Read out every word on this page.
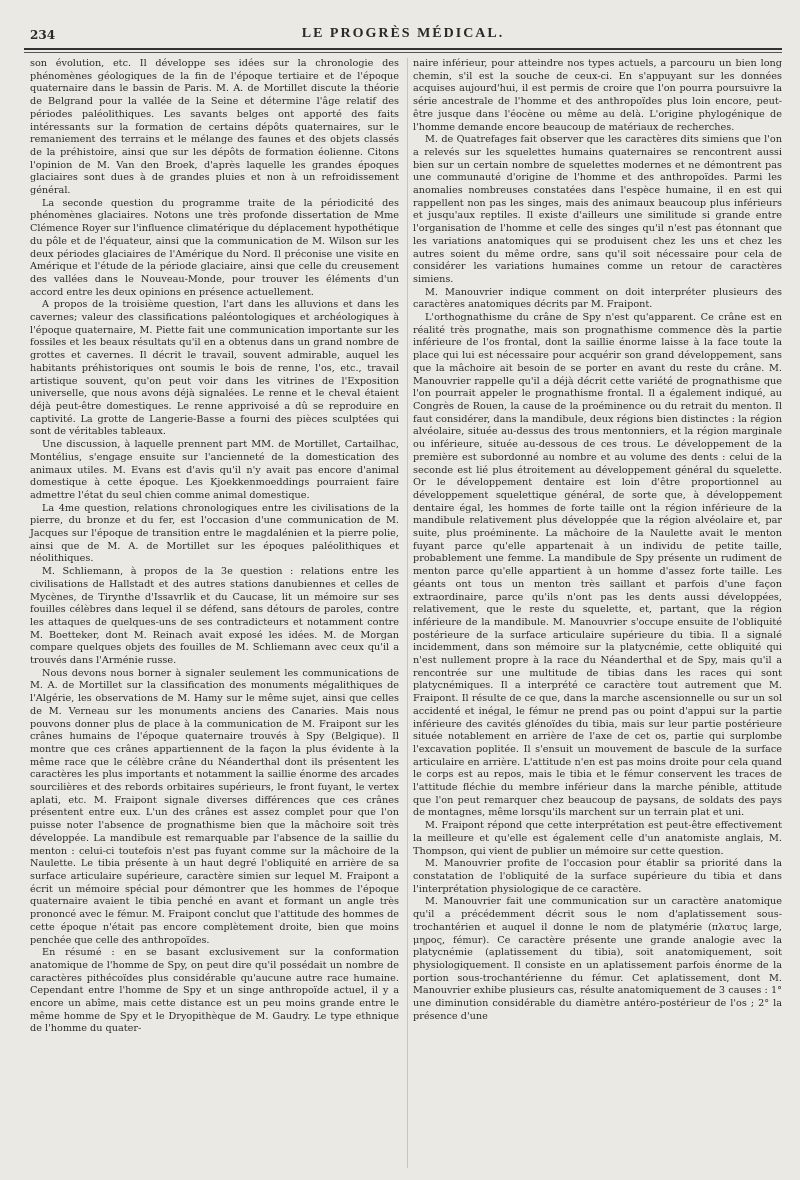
234	LE PROGRÈS MÉDICAL.

son évolution, etc. Il développe ses idées sur la chronologie des phénomènes géologiques de la fin de l'époque tertiaire et de l'époque quaternaire dans le bassin de Paris. M. A. de Mortillet discute la théorie de Belgrand pour la vallée de la Seine et détermine l'âge relatif des périodes paléolithiques. Les savants belges ont apporté des faits intéressants sur la formation de certains dépôts quaternaires, sur le remaniement des terrains et le mélange des faunes et des objets classés de la préhistoire, ainsi que sur les dépôts de formation éolienne. Citons l'opinion de M. Van den Broek, d'après laquelle les grandes époques glaciaires sont dues à de grandes pluies et non à un refroidissement général.

La seconde question du programme traite de la périodicité des phénomènes glaciaires. Notons une très profonde dissertation de Mme Clémence Royer sur l'influence climatérique du déplacement hypothétique du pôle et de l'équateur, ainsi que la communication de M. Wilson sur les deux périodes glaciaires de l'Amérique du Nord. Il préconise une visite en Amérique et l'étude de la période glaciaire, ainsi que celle du creusement des vallées dans le Nouveau-Monde, pour trouver les éléments d'un accord entre les deux opinions en présence actuellement.

A propos de la troisième question, l'art dans les alluvions et dans les cavernes; valeur des classifications paléontologiques et archéologiques à l'époque quaternaire, M. Piette fait une communication importante sur les fossiles et les beaux résultats qu'il en a obtenus dans un grand nombre de grottes et cavernes. Il décrit le travail, souvent admirable, auquel les habitants préhistoriques ont soumis le bois de renne, l'os, etc., travail artistique souvent, qu'on peut voir dans les vitrines de l'Exposition universelle, que nous avons déjà signalées. Le renne et le cheval étaient déjà peut-être domestiques. Le renne apprivoisé a dû se reproduire en captivité. La grotte de Langerie-Basse a fourni des pièces sculptées qui sont de véritables tableaux.

Une discussion, à laquelle prennent part MM. de Mortillet, Cartailhac, Montélius, s'engage ensuite sur l'ancienneté de la domestication des animaux utiles. M. Evans est d'avis qu'il n'y avait pas encore d'animal domestique à cette époque. Les Kjoekkenmoeddings pourraient faire admettre l'état du seul chien comme animal domestique.

La 4me question, relations chronologiques entre les civilisations de la pierre, du bronze et du fer, est l'occasion d'une communication de M. Jacques sur l'époque de transition entre le magdalénien et la pierre polie, ainsi que de M. A. de Mortillet sur les époques paléolithiques et néolithiques.

M. Schliemann, à propos de la 3e question : relations entre les civilisations de Hallstadt et des autres stations danubiennes et celles de Mycènes, de Tirynthe d'Issavrlik et du Caucase, lit un mémoire sur ses fouilles célèbres dans lequel il se défend, sans détours de paroles, contre les attaques de quelques-uns de ses contradicteurs et notamment contre M. Boetteker, dont M. Reinach avait exposé les idées. M. de Morgan compare quelques objets des fouilles de M. Schliemann avec ceux qu'il a trouvés dans l'Arménie russe.

Nous devons nous borner à signaler seulement les communications de M. A. de Mortillet sur la classification des monuments mégalithiques de l'Algérie, les observations de M. Hamy sur le même sujet, ainsi que celles de M. Verneau sur les monuments anciens des Canaries. Mais nous pouvons donner plus de place à la communication de M. Fraipont sur les crânes humains de l'époque quaternaire trouvés à Spy (Belgique). Il montre que ces crânes appartiennent de la façon la plus évidente à la même race que le célèbre crâne du Néanderthal dont ils présentent les caractères les plus importants et notamment la saillie énorme des arcades sourcilières et des rebords orbitaires supérieurs, le front fuyant, le vertex aplati, etc. M. Fraipont signale diverses différences que ces crânes présentent entre eux. L'un des crânes est assez complet pour que l'on puisse noter l'absence de prognathisme bien que la mâchoire soit très développée. La mandibule est remarquable par l'absence de la saillie du menton : celui-ci toutefois n'est pas fuyant comme sur la mâchoire de la Naulette. Le tibia présente à un haut degré l'obliquité en arrière de sa surface articulaire supérieure, caractère simien sur lequel M. Fraipont a écrit un mémoire spécial pour démontrer que les hommes de l'époque quaternaire avaient le tibia penché en avant et formant un angle très prononcé avec le fémur. M. Fraipont conclut que l'attitude des hommes de cette époque n'était pas encore complètement droite, bien que moins penchée que celle des anthropoïdes.

En résumé : en se basant exclusivement sur la conformation anatomique de l'homme de Spy, on peut dire qu'il possédait un nombre de caractères pithécoïdes plus considérable qu'aucune autre race humaine. Cependant entre l'homme de Spy et un singe anthropoïde actuel, il y a encore un abîme, mais cette distance est un peu moins grande entre le même homme de Spy et le Dryopithèque de M. Gaudry. Le type ethnique de l'homme du quater-

naire inférieur, pour atteindre nos types actuels, a parcouru un bien long chemin, s'il est la souche de ceux-ci. En s'appuyant sur les données acquises aujourd'hui, il est permis de croire que l'on pourra poursuivre la série ancestrale de l'homme et des anthropoïdes plus loin encore, peut-être jusque dans l'éocène ou même au delà. L'origine phylogénique de l'homme demande encore beaucoup de matériaux de recherches.

M. de Quatrefages fait observer que les caractères dits simiens que l'on a relevés sur les squelettes humains quaternaires se rencontrent aussi bien sur un certain nombre de squelettes modernes et ne démontrent pas une communauté d'origine de l'homme et des anthropoïdes. Parmi les anomalies nombreuses constatées dans l'espèce humaine, il en est qui rappellent non pas les singes, mais des animaux beaucoup plus inférieurs et jusqu'aux reptiles. Il existe d'ailleurs une similitude si grande entre l'organisation de l'homme et celle des singes qu'il n'est pas étonnant que les variations anatomiques qui se produisent chez les uns et chez les autres soient du même ordre, sans qu'il soit nécessaire pour cela de considérer les variations humaines comme un retour de caractères simiens.

M. Manouvrier indique comment on doit interpréter plusieurs des caractères anatomiques décrits par M. Fraipont.

L'orthognathisme du crâne de Spy n'est qu'apparent. Ce crâne est en réalité très prognathe, mais son prognathisme commence dès la partie inférieure de l'os frontal, dont la saillie énorme laisse à la face toute la place qui lui est nécessaire pour acquérir son grand développement, sans que la mâchoire ait besoin de se porter en avant du reste du crâne. M. Manouvrier rappelle qu'il a déjà décrit cette variété de prognathisme que l'on pourrait appeler le prognathisme frontal. Il a également indiqué, au Congrès de Rouen, la cause de la proéminence ou du retrait du menton. Il faut considérer, dans la mandibule, deux régions bien distinctes : la région alvéolaire, située au-dessus des trous mentonniers, et la région marginale ou inférieure, située au-dessous de ces trous. Le développement de la première est subordonné au nombre et au volume des dents : celui de la seconde est lié plus étroitement au développement général du squelette. Or le développement dentaire est loin d'être proportionnel au développement squelettique général, de sorte que, à développement dentaire égal, les hommes de forte taille ont la région inférieure de la mandibule relativement plus développée que la région alvéolaire et, par suite, plus proéminente. La mâchoire de la Naulette avait le menton fuyant parce qu'elle appartenait à un individu de petite taille, probablement une femme. La mandibule de Spy présente un rudiment de menton parce qu'elle appartient à un homme d'assez forte taille. Les géants ont tous un menton très saillant et parfois d'une façon extraordinaire, parce qu'ils n'ont pas les dents aussi développées, relativement, que le reste du squelette, et, partant, que la région inférieure de la mandibule. M. Manouvrier s'occupe ensuite de l'obliquité postérieure de la surface articulaire supérieure du tibia. Il a signalé incidemment, dans son mémoire sur la platycnémie, cette obliquité qui n'est nullement propre à la race du Néanderthal et de Spy, mais qu'il a rencontrée sur une multitude de tibias dans les races qui sont platycnémiques. Il a interprété ce caractère tout autrement que M. Fraipont. Il résulte de ce que, dans la marche ascensionnelle ou sur un sol accidenté et inégal, le fémur ne prend pas ou point d'appui sur la partie inférieure des cavités glénoïdes du tibia, mais sur leur partie postérieure située notablement en arrière de l'axe de cet os, partie qui surplombe l'excavation poplitée. Il s'ensuit un mouvement de bascule de la surface articulaire en arrière. L'attitude n'en est pas moins droite pour cela quand le corps est au repos, mais le tibia et le fémur conservent les traces de l'attitude fléchie du membre inférieur dans la marche pénible, attitude que l'on peut remarquer chez beaucoup de paysans, de soldats des pays de montagnes, même lorsqu'ils marchent sur un terrain plat et uni.

M. Fraipont répond que cette interprétation est peut-être effectivement la meilleure et qu'elle est également celle d'un anatomiste anglais, M. Thompson, qui vient de publier un mémoire sur cette question.

M. Manouvrier profite de l'occasion pour établir sa priorité dans la constatation de l'obliquité de la surface supérieure du tibia et dans l'interprétation physiologique de ce caractère.

M. Manouvrier fait une communication sur un caractère anatomique qu'il a précédemment décrit sous le nom d'aplatissement sous-trochantérien et auquel il donne le nom de platymérie (πλατυς large, μηρος, fémur). Ce caractère présente une grande analogie avec la platycnémie (aplatissement du tibia), soit anatomiquement, soit physiologiquement. Il consiste en un aplatissement parfois énorme de la portion sous-trochantérienne du fémur. Cet aplatissement, dont M. Manouvrier exhibe plusieurs cas, résulte anatomiquement de 3 causes : 1° une diminution considérable du diamètre antéro-postérieur de l'os ; 2° la présence d'une
